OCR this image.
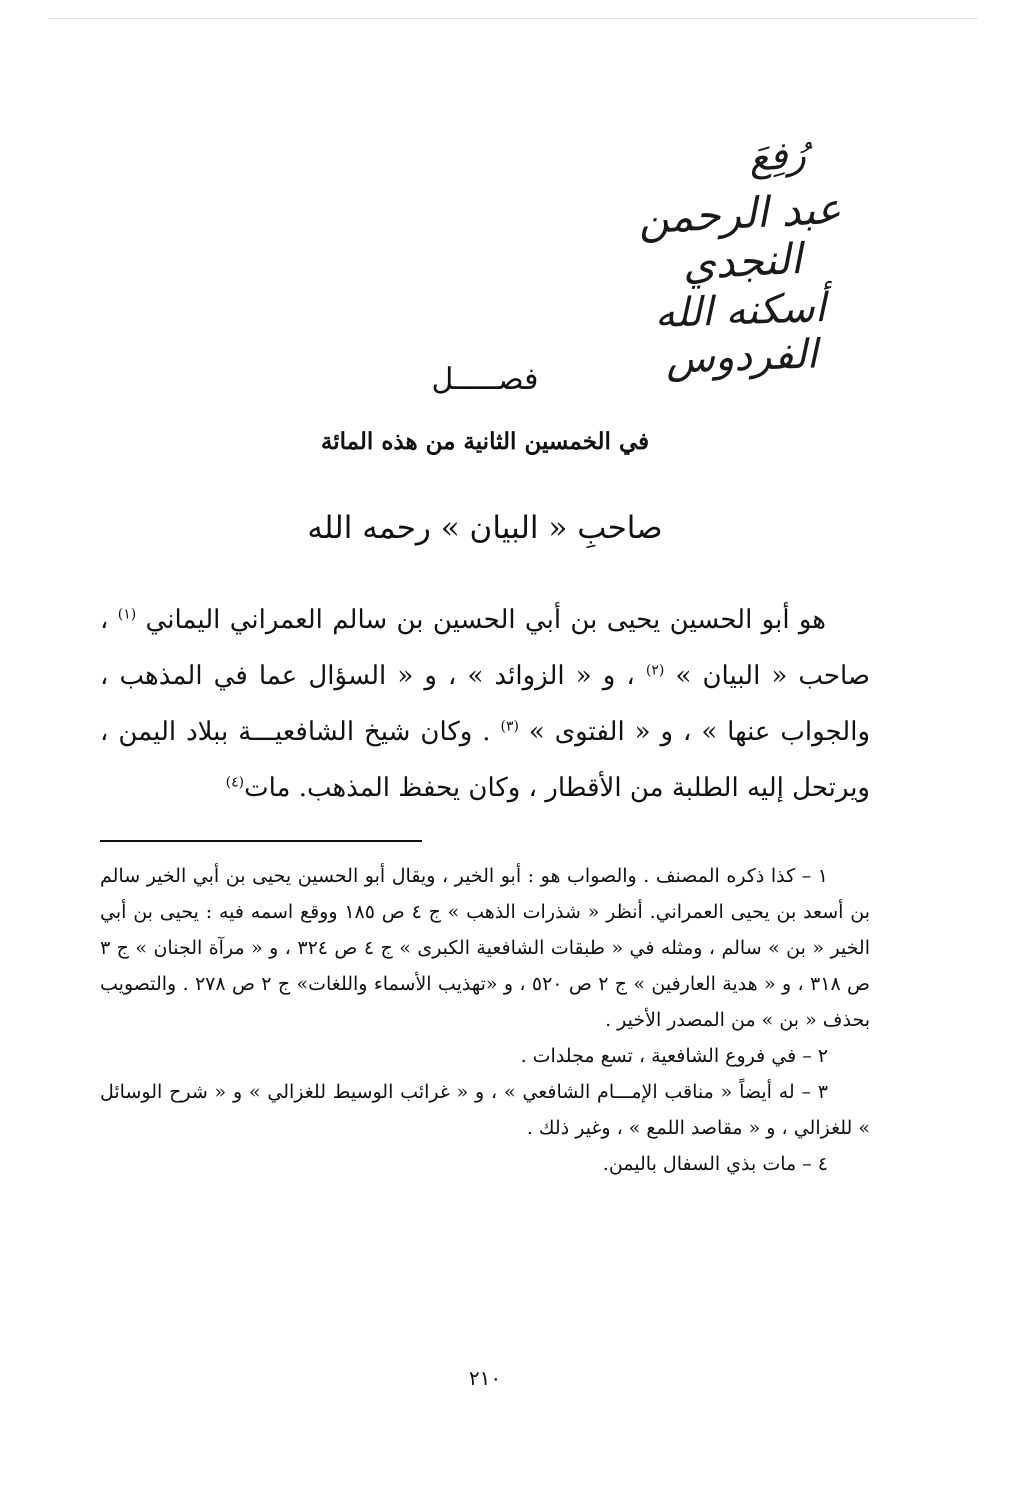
رُفِعَ
عبد الرحمن النجدي
أسكنه الله الفردوس
فصـــــل
في الخمسين الثانية من هذه المائة
صاحبِ « البيان » رحمه الله

هو أبو الحسين يحيى بن أبي الحسين بن سالم العمراني اليماني $^{(١)}$ ، صاحب « البيان » $^{(٢)}$ ، و « الزوائد » ، و « السؤال عما في المذهب ، والجواب عنها » ، و « الفتوى » $^{(٣)}$ . وكان شيخ الشافعيـــة ببلاد اليمن ، ويرتحل إليه الطلبة من الأقطار ، وكان يحفظ المذهب. مات$^{(٤)}$

١ – كذا ذكره المصنف . والصواب هو : أبو الخير ، ويقال أبو الحسين يحيى بن أبي الخير سالم بن أسعد بن يحيى العمراني. أنظر « شذرات الذهب » ج ٤ ص ١٨٥ ووقع اسمه فيه : يحيى بن أبي الخير « بن » سالم ، ومثله في « طبقات الشافعية الكبرى » ج ٤ ص ٣٢٤ ، و « مرآة الجنان » ج ٣ ص ٣١٨ ، و « هدية العارفين » ج ٢ ص ٥٢٠ ، و «تهذيب الأسماء واللغات» ج ٢ ص ٢٧٨ . والتصويب بحذف « بن » من المصدر الأخير .

٢ – في فروع الشافعية ، تسع مجلدات .

٣ – له أيضاً « مناقب الإمـــام الشافعي » ، و « غرائب الوسيط للغزالي » و « شرح الوسائل » للغزالي ، و « مقاصد اللمع » ، وغير ذلك .

٤ – مات بذي السفال باليمن.

٢١٠
